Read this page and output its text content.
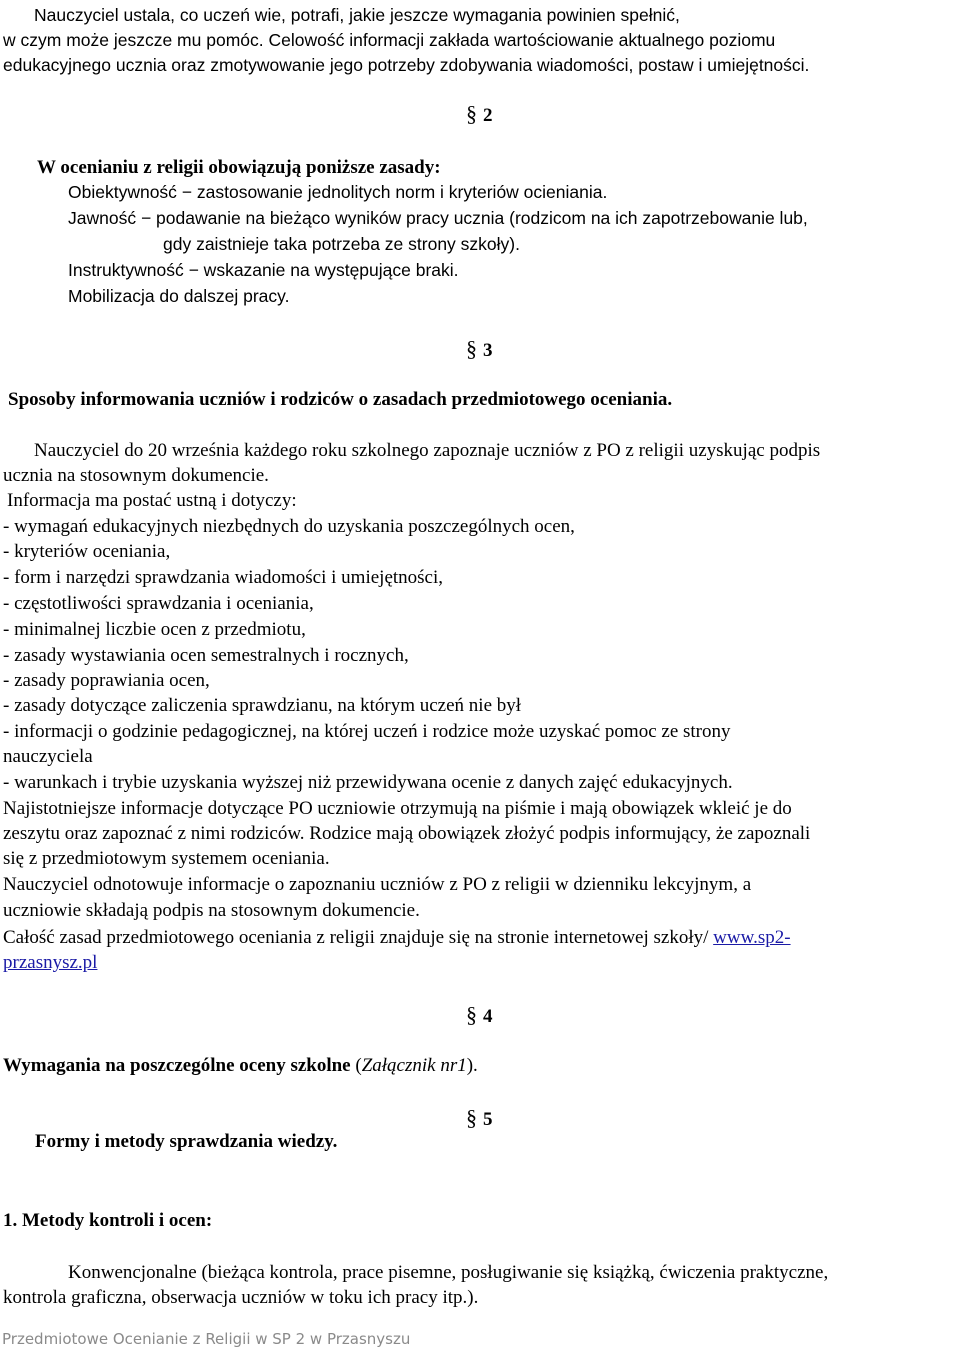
Nauczyciel ustala, co uczeń wie, potrafi, jakie jeszcze wymagania powinien spełnić,

w czym może jeszcze mu pomóc. Celowość informacji zakłada wartościowanie aktualnego poziomu

edukacyjnego ucznia oraz zmotywowanie jego potrzeby zdobywania wiadomości, postaw i umiejętności.

§ 2

W ocenianiu z religii obowiązują poniższe zasady:

Obiektywność − zastosowanie jednolitych norm i kryteriów ocieniania.

Jawność − podawanie na bieżąco wyników pracy ucznia (rodzicom na ich zapotrzebowanie lub,

gdy zaistnieje taka potrzeba ze strony szkoły).

Instruktywność − wskazanie na występujące braki.

Mobilizacja do dalszej pracy.

§ 3

Sposoby informowania uczniów i rodziców o zasadach przedmiotowego oceniania.

Nauczyciel do 20 września każdego roku szkolnego zapoznaje uczniów z PO z religii uzyskując podpis

ucznia na stosownym dokumencie.

Informacja ma postać ustną i dotyczy:

- wymagań edukacyjnych niezbędnych do uzyskania poszczególnych ocen,

- kryteriów oceniania,

- form i narzędzi sprawdzania wiadomości i umiejętności,

- częstotliwości sprawdzania i oceniania,

- minimalnej liczbie ocen z przedmiotu,

- zasady wystawiania ocen semestralnych i rocznych,

- zasady poprawiania ocen,

- zasady dotyczące zaliczenia sprawdzianu, na którym uczeń nie był

- informacji o godzinie pedagogicznej, na której uczeń i rodzice może uzyskać pomoc ze strony

nauczyciela

- warunkach i trybie uzyskania wyższej niż przewidywana ocenie z danych zajęć edukacyjnych.

Najistotniejsze informacje dotyczące PO uczniowie otrzymują na piśmie i mają obowiązek wkleić je do

zeszytu oraz zapoznać z nimi rodziców. Rodzice mają obowiązek złożyć podpis informujący, że zapoznali

się z przedmiotowym systemem oceniania.

Nauczyciel odnotowuje informacje o zapoznaniu uczniów z PO z religii w dzienniku lekcyjnym, a

uczniowie składają podpis na stosownym dokumencie.

Całość zasad przedmiotowego oceniania z religii znajduje się na stronie internetowej szkoły/ www.sp2-

przasnysz.pl

§ 4

Wymagania na poszczególne oceny szkolne (Załącznik nr1).

§ 5

Formy i metody sprawdzania wiedzy.

1. Metody kontroli i ocen:

Konwencjonalne (bieżąca kontrola, prace pisemne, posługiwanie się książką, ćwiczenia praktyczne,

kontrola graficzna, obserwacja uczniów w toku ich pracy itp.).

Przedmiotowe Ocenianie z Religii w SP 2 w Przasnyszu
